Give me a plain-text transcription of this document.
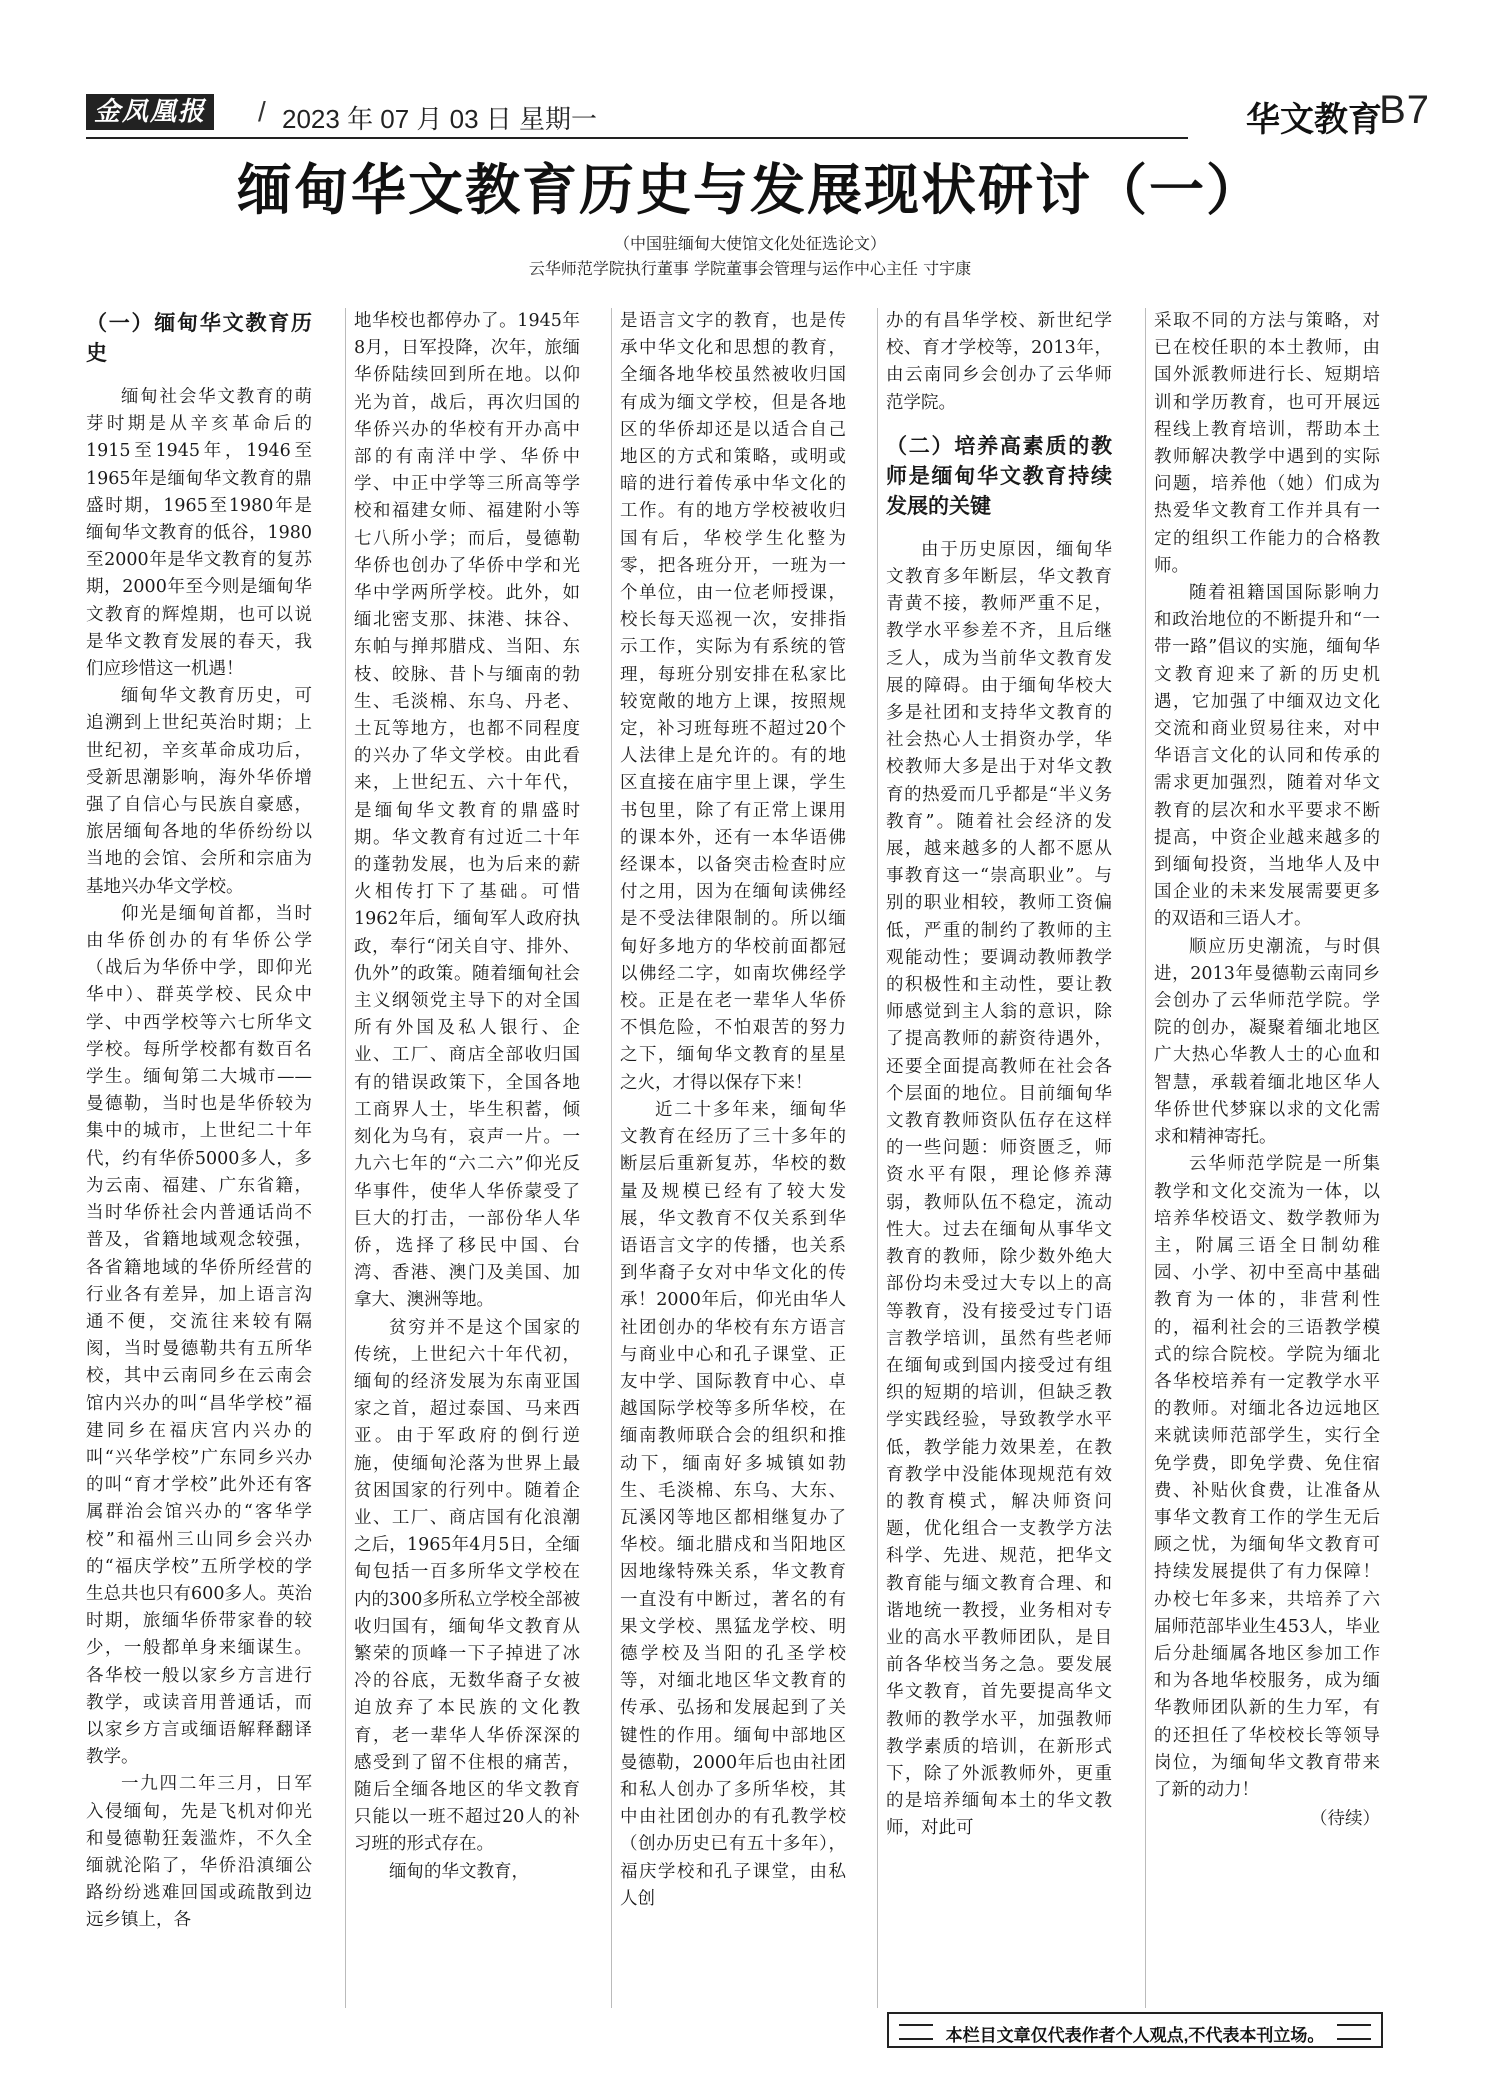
金凤凰报 / 2023 年 07 月 03 日 星期一	华文教育
B7
缅甸华文教育历史与发展现状研讨（一）
（中国驻缅甸大使馆文化处征选论文）
云华师范学院执行董事 学院董事会管理与运作中心主任 寸宇康

（一）缅甸华文教育历史

缅甸社会华文教育的萌芽时期是从辛亥革命后的1915至1945年，1946至1965年是缅甸华文教育的鼎盛时期，1965至1980年是缅甸华文教育的低谷，1980至2000年是华文教育的复苏期，2000年至今则是缅甸华文教育的辉煌期，也可以说是华文教育发展的春天，我们应珍惜这一机遇！

缅甸华文教育历史，可追溯到上世纪英治时期；上世纪初，辛亥革命成功后，受新思潮影响，海外华侨增强了自信心与民族自豪感，旅居缅甸各地的华侨纷纷以当地的会馆、会所和宗庙为基地兴办华文学校。

仰光是缅甸首都，当时由华侨创办的有华侨公学（战后为华侨中学，即仰光华中）、群英学校、民众中学、中西学校等六七所华文学校。每所学校都有数百名学生。缅甸第二大城市——曼德勒，当时也是华侨较为集中的城市，上世纪二十年代，约有华侨5000多人，多为云南、福建、广东省籍，当时华侨社会内普通话尚不普及，省籍地域观念较强，各省籍地域的华侨所经营的行业各有差异，加上语言沟通不便，交流往来较有隔阂，当时曼德勒共有五所华校，其中云南同乡在云南会馆内兴办的叫“昌华学校”福建同乡在福庆宫内兴办的叫“兴华学校”广东同乡兴办的叫“育才学校”此外还有客属群治会馆兴办的“客华学校”和福州三山同乡会兴办的“福庆学校”五所学校的学生总共也只有600多人。英治时期，旅缅华侨带家眷的较少，一般都单身来缅谋生。各华校一般以家乡方言进行教学，或读音用普通话，而以家乡方言或缅语解释翻译教学。

一九四二年三月，日军入侵缅甸，先是飞机对仰光和曼德勒狂轰滥炸，不久全缅就沦陷了，华侨沿滇缅公路纷纷逃难回国或疏散到边远乡镇上，各

地华校也都停办了。1945年8月，日军投降，次年，旅缅华侨陆续回到所在地。以仰光为首，战后，再次归国的华侨兴办的华校有开办高中部的有南洋中学、华侨中学、中正中学等三所高等学校和福建女师、福建附小等七八所小学；而后，曼德勒华侨也创办了华侨中学和光华中学两所学校。此外，如缅北密支那、抹港、抹谷、东帕与掸邦腊戍、当阳、东枝、皎脉、昔卜与缅南的勃生、毛淡棉、东乌、丹老、土瓦等地方，也都不同程度的兴办了华文学校。由此看来，上世纪五、六十年代，是缅甸华文教育的鼎盛时期。华文教育有过近二十年的蓬勃发展，也为后来的薪火相传打下了基础。可惜1962年后，缅甸军人政府执政，奉行“闭关自守、排外、仇外”的政策。随着缅甸社会主义纲领党主导下的对全国所有外国及私人银行、企业、工厂、商店全部收归国有的错误政策下，全国各地工商界人士，毕生积蓄，倾刻化为乌有，哀声一片。一九六七年的“六二六”仰光反华事件，使华人华侨蒙受了巨大的打击，一部份华人华侨，选择了移民中国、台湾、香港、澳门及美国、加拿大、澳洲等地。

贫穷并不是这个国家的传统，上世纪六十年代初，缅甸的经济发展为东南亚国家之首，超过泰国、马来西亚。由于军政府的倒行逆施，使缅甸沦落为世界上最贫困国家的行列中。随着企业、工厂、商店国有化浪潮之后，1965年4月5日，全缅甸包括一百多所华文学校在内的300多所私立学校全部被收归国有，缅甸华文教育从繁荣的顶峰一下子掉进了冰冷的谷底，无数华裔子女被迫放弃了本民族的文化教育，老一辈华人华侨深深的感受到了留不住根的痛苦，随后全缅各地区的华文教育只能以一班不超过20人的补习班的形式存在。

缅甸的华文教育，

是语言文字的教育，也是传承中华文化和思想的教育，全缅各地华校虽然被收归国有成为缅文学校，但是各地区的华侨却还是以适合自己地区的方式和策略，或明或暗的进行着传承中华文化的工作。有的地方学校被收归国有后，华校学生化整为零，把各班分开，一班为一个单位，由一位老师授课，校长每天巡视一次，安排指示工作，实际为有系统的管理，每班分别安排在私家比较宽敞的地方上课，按照规定，补习班每班不超过20个人法律上是允许的。有的地区直接在庙宇里上课，学生书包里，除了有正常上课用的课本外，还有一本华语佛经课本，以备突击检查时应付之用，因为在缅甸读佛经是不受法律限制的。所以缅甸好多地方的华校前面都冠以佛经二字，如南坎佛经学校。正是在老一辈华人华侨不惧危险，不怕艰苦的努力之下，缅甸华文教育的星星之火，才得以保存下来！

近二十多年来，缅甸华文教育在经历了三十多年的断层后重新复苏，华校的数量及规模已经有了较大发展，华文教育不仅关系到华语语言文字的传播，也关系到华裔子女对中华文化的传承！2000年后，仰光由华人社团创办的华校有东方语言与商业中心和孔子课堂、正友中学、国际教育中心、卓越国际学校等多所华校，在缅南教师联合会的组织和推动下，缅南好多城镇如勃生、毛淡棉、东乌、大东、瓦溪冈等地区都相继复办了华校。缅北腊戍和当阳地区因地缘特殊关系，华文教育一直没有中断过，著名的有果文学校、黑猛龙学校、明德学校及当阳的孔圣学校等，对缅北地区华文教育的传承、弘扬和发展起到了关键性的作用。缅甸中部地区曼德勒，2000年后也由社团和私人创办了多所华校，其中由社团创办的有孔教学校（创办历史已有五十多年），福庆学校和孔子课堂，由私人创

办的有昌华学校、新世纪学校、育才学校等，2013年，由云南同乡会创办了云华师范学院。

（二）培养高素质的教师是缅甸华文教育持续发展的关键

由于历史原因，缅甸华文教育多年断层，华文教育青黄不接，教师严重不足，教学水平参差不齐，且后继乏人，成为当前华文教育发展的障碍。由于缅甸华校大多是社团和支持华文教育的社会热心人士捐资办学，华校教师大多是出于对华文教育的热爱而几乎都是“半义务教育”。随着社会经济的发展，越来越多的人都不愿从事教育这一“崇高职业”。与别的职业相较，教师工资偏低，严重的制约了教师的主观能动性；要调动教师教学的积极性和主动性，要让教师感觉到主人翁的意识，除了提高教师的薪资待遇外，还要全面提高教师在社会各个层面的地位。目前缅甸华文教育教师资队伍存在这样的一些问题：师资匮乏，师资水平有限，理论修养薄弱，教师队伍不稳定，流动性大。过去在缅甸从事华文教育的教师，除少数外绝大部份均未受过大专以上的高等教育，没有接受过专门语言教学培训，虽然有些老师在缅甸或到国内接受过有组织的短期的培训，但缺乏教学实践经验，导致教学水平低，教学能力效果差，在教育教学中没能体现规范有效的教育模式，解决师资问题，优化组合一支教学方法科学、先进、规范，把华文教育能与缅文教育合理、和谐地统一教授，业务相对专业的高水平教师团队，是目前各华校当务之急。要发展华文教育，首先要提高华文教师的教学水平，加强教师教学素质的培训，在新形式下，除了外派教师外，更重的是培养缅甸本土的华文教师，对此可

采取不同的方法与策略，对已在校任职的本土教师，由国外派教师进行长、短期培训和学历教育，也可开展远程线上教育培训，帮助本土教师解决教学中遇到的实际问题，培养他（她）们成为热爱华文教育工作并具有一定的组织工作能力的合格教师。

随着祖籍国国际影响力和政治地位的不断提升和“一带一路”倡议的实施，缅甸华文教育迎来了新的历史机遇，它加强了中缅双边文化交流和商业贸易往来，对中华语言文化的认同和传承的需求更加强烈，随着对华文教育的层次和水平要求不断提高，中资企业越来越多的到缅甸投资，当地华人及中国企业的未来发展需要更多的双语和三语人才。

顺应历史潮流，与时俱进，2013年曼德勒云南同乡会创办了云华师范学院。学院的创办，凝聚着缅北地区广大热心华教人士的心血和智慧，承载着缅北地区华人华侨世代梦寐以求的文化需求和精神寄托。

云华师范学院是一所集教学和文化交流为一体，以培养华校语文、数学教师为主，附属三语全日制幼稚园、小学、初中至高中基础教育为一体的，非营利性的，福利社会的三语教学模式的综合院校。学院为缅北各华校培养有一定教学水平的教师。对缅北各边远地区来就读师范部学生，实行全免学费，即免学费、免住宿费、补贴伙食费，让准备从事华文教育工作的学生无后顾之忧，为缅甸华文教育可持续发展提供了有力保障！办校七年多来，共培养了六届师范部毕业生453人，毕业后分赴缅属各地区参加工作和为各地华校服务，成为缅华教师团队新的生力军，有的还担任了华校校长等领导岗位，为缅甸华文教育带来了新的动力！

（待续）

本栏目文章仅代表作者个人观点,不代表本刊立场。
